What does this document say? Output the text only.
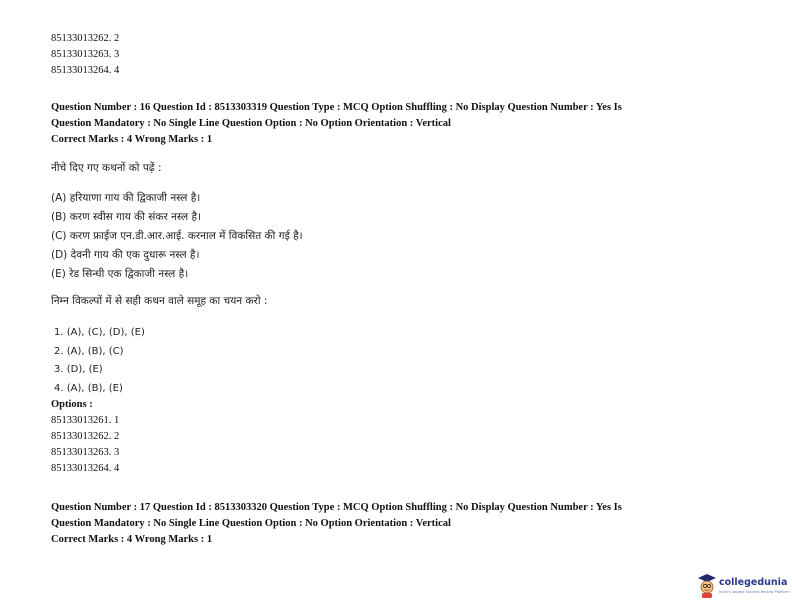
85133013262. 2
85133013263. 3
85133013264. 4
Question Number : 16 Question Id : 8513303319 Question Type : MCQ Option Shuffling : No Display Question Number : Yes Is
Question Mandatory : No Single Line Question Option : No Option Orientation : Vertical
Correct Marks : 4 Wrong Marks : 1
नीचे दिए गए कथनों को पढ़ें :
(A) हरियाणा गाय की द्विकाजी नस्ल है।
(B) करण स्वीस गाय की संकर नस्ल है।
(C) करण फ्राईज एन.डी.आर.आई. करनाल में विकसित की गई है।
(D) देवनी गाय की एक दुधारू नस्ल है।
(E) रेड सिन्धी एक द्विकाजी नस्ल है।
निम्न विकल्पों में से सही कथन वाले समूह का चयन करो :
1. (A), (C), (D), (E)
2. (A), (B), (C)
3. (D), (E)
4. (A), (B), (E)
Options :
85133013261. 1
85133013262. 2
85133013263. 3
85133013264. 4
Question Number : 17 Question Id : 8513303320 Question Type : MCQ Option Shuffling : No Display Question Number : Yes Is
Question Mandatory : No Single Line Question Option : No Option Orientation : Vertical
Correct Marks : 4 Wrong Marks : 1
collegedunia
India's largest Student Review Platform
